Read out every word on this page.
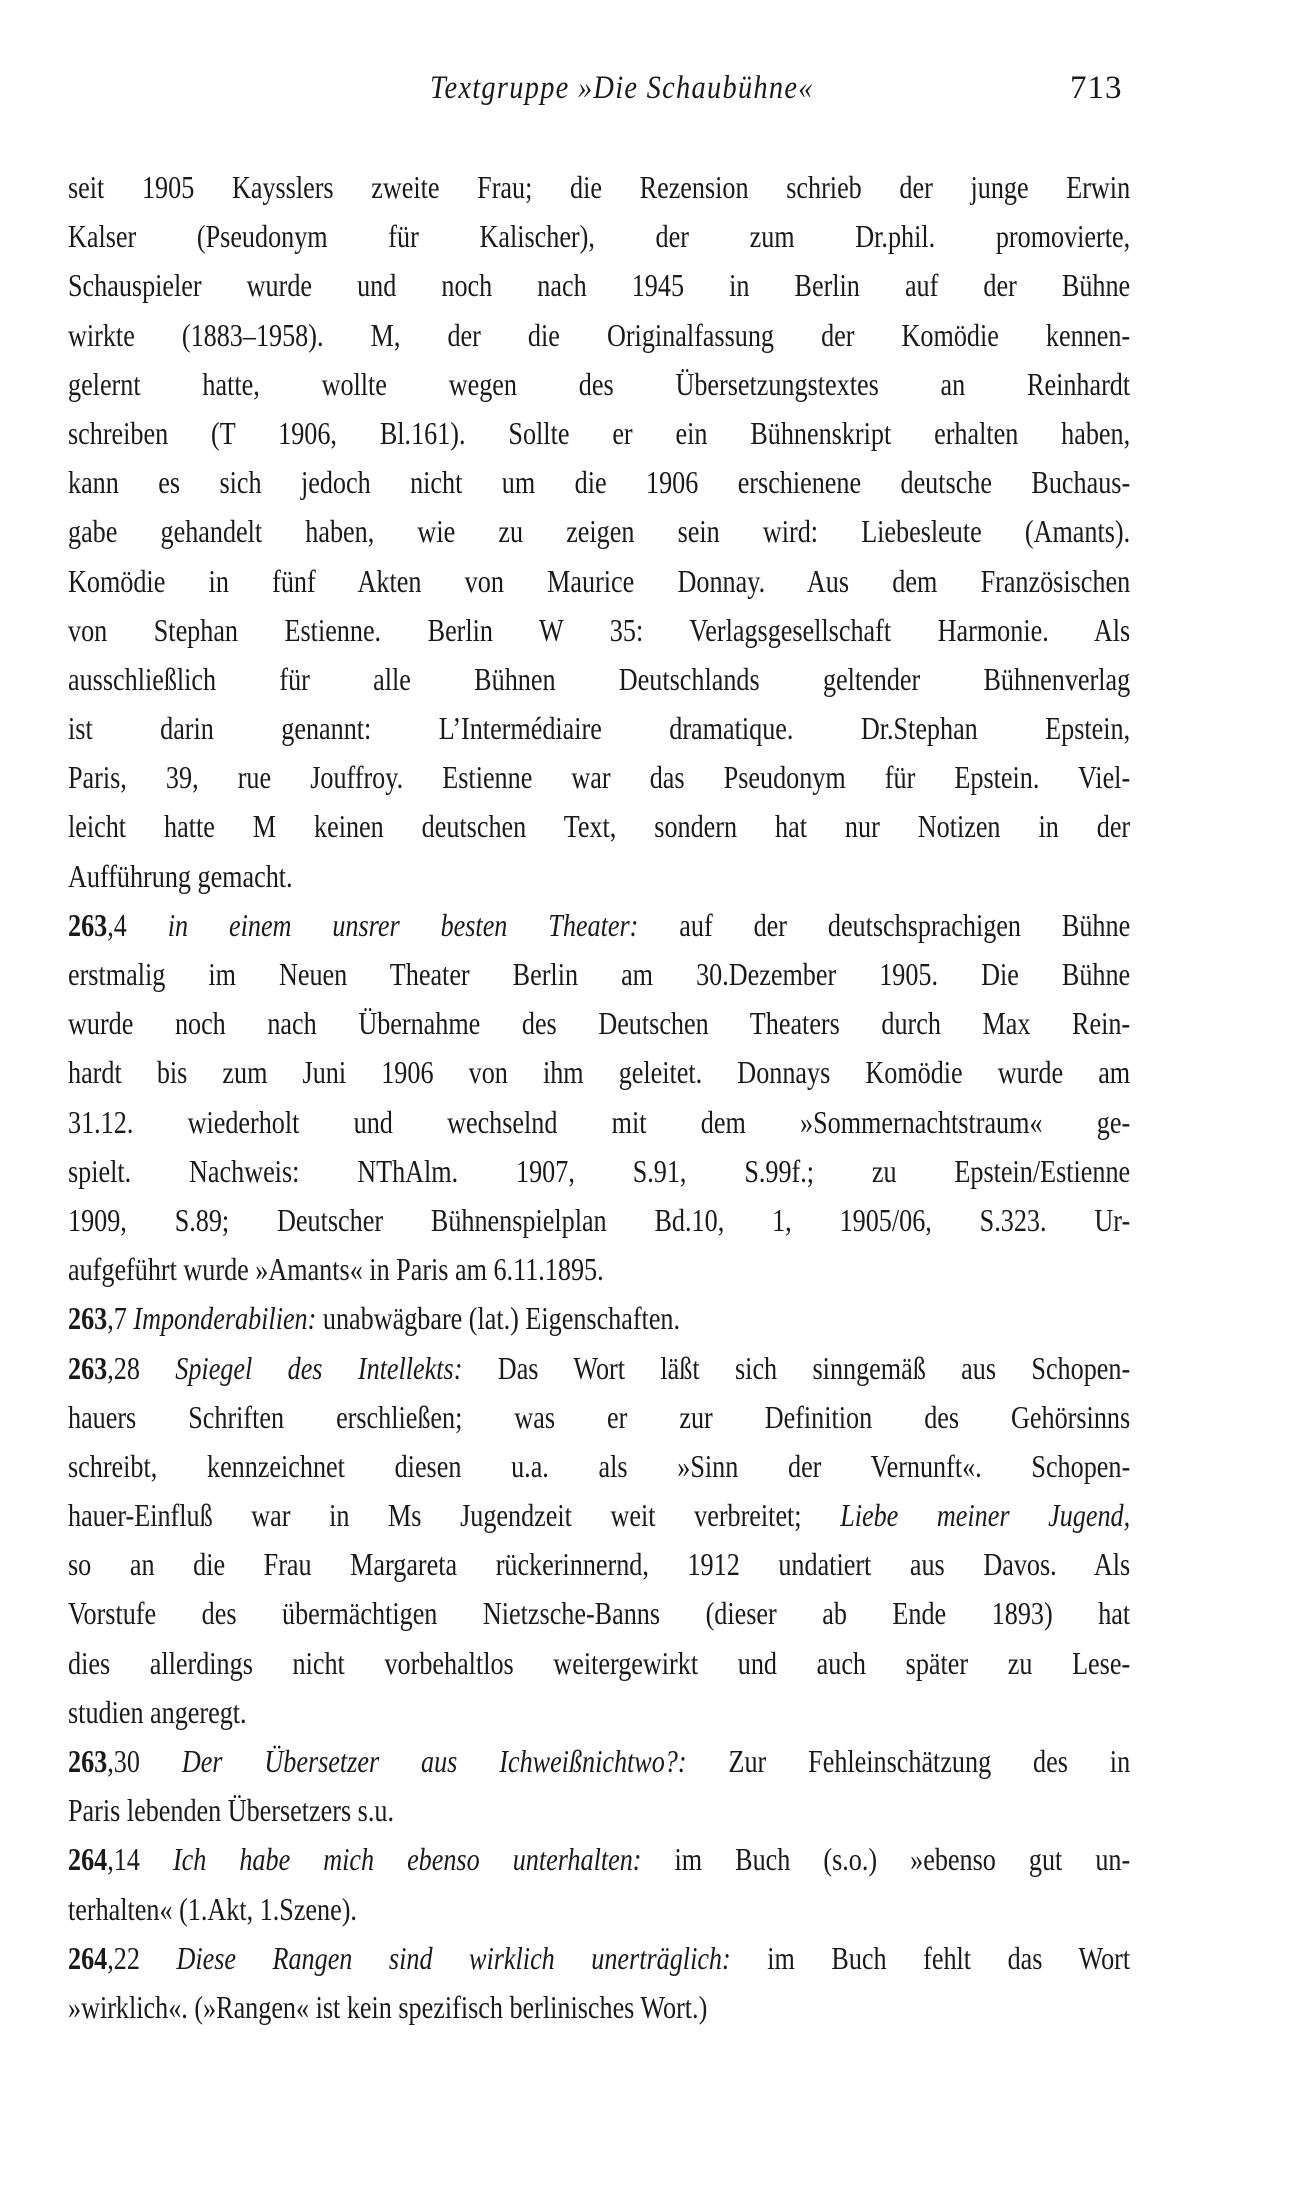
Textgruppe »Die Schaubühne«	713
seit 1905 Kaysslers zweite Frau; die Rezension schrieb der junge Erwin
Kalser (Pseudonym für Kalischer), der zum Dr.phil. promovierte,
Schauspieler wurde und noch nach 1945 in Berlin auf der Bühne
wirkte (1883–1958). M, der die Originalfassung der Komödie kennen-
gelernt hatte, wollte wegen des Übersetzungstextes an Reinhardt
schreiben (T 1906, Bl.161). Sollte er ein Bühnenskript erhalten haben,
kann es sich jedoch nicht um die 1906 erschienene deutsche Buchaus-
gabe gehandelt haben, wie zu zeigen sein wird: Liebesleute (Amants).
Komödie in fünf Akten von Maurice Donnay. Aus dem Französischen
von Stephan Estienne. Berlin W 35: Verlagsgesellschaft Harmonie. Als
ausschließlich für alle Bühnen Deutschlands geltender Bühnenverlag
ist darin genannt: L’Intermédiaire dramatique. Dr.Stephan Epstein,
Paris, 39, rue Jouffroy. Estienne war das Pseudonym für Epstein. Viel-
leicht hatte M keinen deutschen Text, sondern hat nur Notizen in der
Aufführung gemacht.
263,4 in einem unsrer besten Theater: auf der deutschsprachigen Bühne
erstmalig im Neuen Theater Berlin am 30.Dezember 1905. Die Bühne
wurde noch nach Übernahme des Deutschen Theaters durch Max Rein-
hardt bis zum Juni 1906 von ihm geleitet. Donnays Komödie wurde am
31.12. wiederholt und wechselnd mit dem »Sommernachtstraum« ge-
spielt. Nachweis: NThAlm. 1907, S.91, S.99f.; zu Epstein/Estienne
1909, S.89; Deutscher Bühnenspielplan Bd.10, 1, 1905/06, S.323. Ur-
aufgeführt wurde »Amants« in Paris am 6.11.1895.
263,7 Imponderabilien: unabwägbare (lat.) Eigenschaften.
263,28 Spiegel des Intellekts: Das Wort läßt sich sinngemäß aus Schopen-
hauers Schriften erschließen; was er zur Definition des Gehörsinns
schreibt, kennzeichnet diesen u.a. als »Sinn der Vernunft«. Schopen-
hauer-Einfluß war in Ms Jugendzeit weit verbreitet; Liebe meiner Jugend,
so an die Frau Margareta rückerinnernd, 1912 undatiert aus Davos. Als
Vorstufe des übermächtigen Nietzsche-Banns (dieser ab Ende 1893) hat
dies allerdings nicht vorbehaltlos weitergewirkt und auch später zu Lese-
studien angeregt.
263,30 Der Übersetzer aus Ichweißnichtwo?: Zur Fehleinschätzung des in
Paris lebenden Übersetzers s.u.
264,14 Ich habe mich ebenso unterhalten: im Buch (s.o.) »ebenso gut un-
terhalten« (1.Akt, 1.Szene).
264,22 Diese Rangen sind wirklich unerträglich: im Buch fehlt das Wort
»wirklich«. (»Rangen« ist kein spezifisch berlinisches Wort.)
